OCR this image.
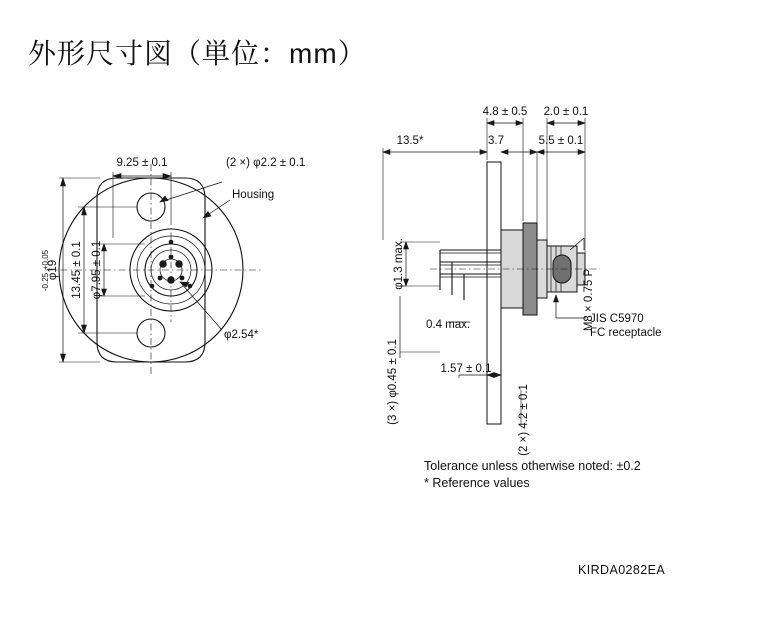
外形尺寸図（単位：mm）
9.25 ± 0.1	(2 ×) φ2.2 ± 0.1
Housing
φ19
+0.05
-0.25 13.45 ± 0.1 φ7.95 ± 0.1
φ2.54*
4.8 ± 0.5 2.0 ± 0.1
13.5*	3.7	5.5 ± 0.1
φ1.3 max.
(3 ×) φ0.45 ± 0.1
0.4 max.
1.57 ± 0.1
(2 ×) 4.2 ± 0.1
M8 × 0.75 P
JIS C5970
FC receptacle
Tolerance unless otherwise noted: ±0.2
* Reference values
KIRDA0282EA
